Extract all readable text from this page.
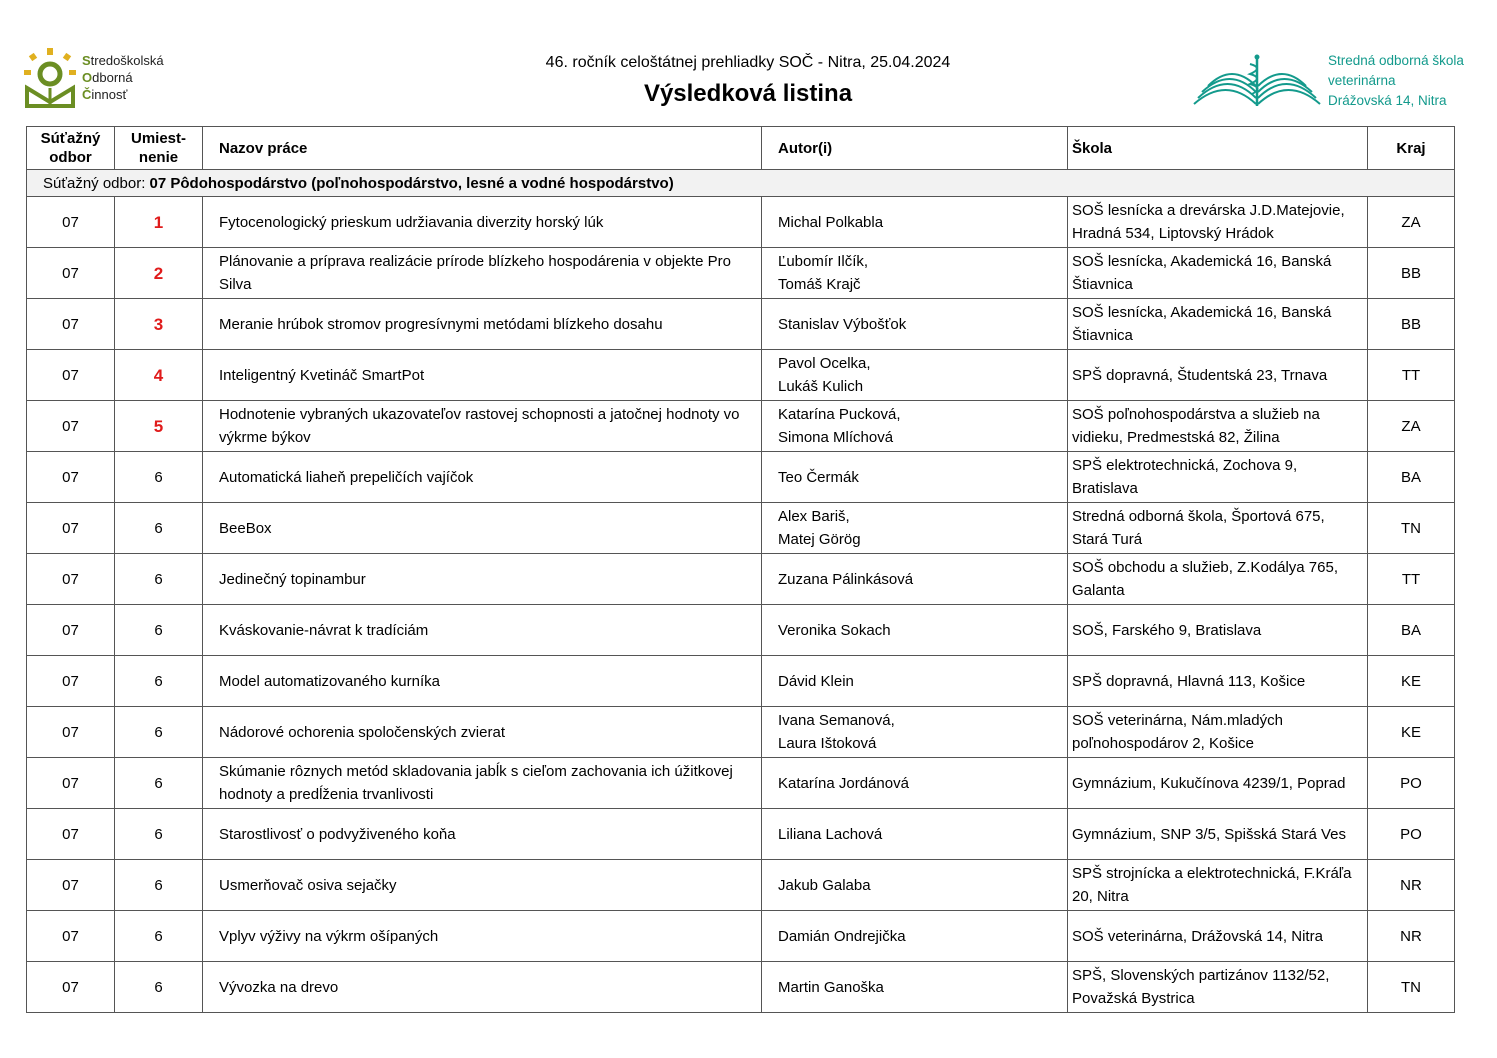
Stredoškolská
Odborná
Činnosť
46. ročník celoštátnej prehliadky SOČ - Nitra, 25.04.2024
Výsledková listina
Stredná odborná škola
veterinárna
Drážovská 14, Nitra
Súťažný odbor	Umiest- nenie	Nazov práce	Autor(i)	Škola	Kraj
Súťažný odbor: 07 Pôdohospodárstvo (poľnohospodárstvo, lesné a vodné hospodárstvo)					
07	1	Fytocenologický prieskum udržiavania diverzity horský lúk	Michal Polkabla	SOŠ lesnícka a drevárska J.D.Matejovie, Hradná 534, Liptovský Hrádok	ZA
07	2	Plánovanie a príprava realizácie prírode blízkeho hospodárenia v objekte Pro Silva	Ľubomír Ilčík,
Tomáš Krajč	SOŠ lesnícka, Akademická 16, Banská Štiavnica	BB
07	3	Meranie hrúbok stromov progresívnymi metódami blízkeho dosahu	Stanislav Výbošťok	SOŠ lesnícka, Akademická 16, Banská Štiavnica	BB
07	4	Inteligentný Kvetináč SmartPot	Pavol Ocelka,
Lukáš Kulich	SPŠ dopravná, Študentská 23, Trnava	TT
07	5	Hodnotenie vybraných ukazovateľov rastovej schopnosti a jatočnej hodnoty vo výkrme býkov	Katarína Pucková,
Simona Mlíchová	SOŠ poľnohospodárstva a služieb na vidieku, Predmestská 82, Žilina	ZA
07	6	Automatická liaheň prepeličích vajíčok	Teo Čermák	SPŠ elektrotechnická, Zochova 9, Bratislava	BA
07	6	BeeBox	Alex Bariš,
Matej Görög	Stredná odborná škola, Športová 675, Stará Turá	TN
07	6	Jedinečný topinambur	Zuzana Pálinkásová	SOŠ obchodu a služieb, Z.Kodálya 765, Galanta	TT
07	6	Kváskovanie-návrat k tradíciám	Veronika Sokach	SOŠ, Farského 9, Bratislava	BA
07	6	Model automatizovaného kurníka	Dávid Klein	SPŠ dopravná, Hlavná 113, Košice	KE
07	6	Nádorové ochorenia spoločenských zvierat	Ivana Semanová,
Laura Ištoková	SOŠ veterinárna, Nám.mladých poľnohospodárov 2, Košice	KE
07	6	Skúmanie rôznych metód skladovania jabĺk s cieľom zachovania ich úžitkovej hodnoty a predĺženia trvanlivosti	Katarína Jordánová	Gymnázium, Kukučínova 4239/1, Poprad	PO
07	6	Starostlivosť o podvyživeného koňa	Liliana Lachová	Gymnázium, SNP 3/5, Spišská Stará Ves	PO
07	6	Usmerňovač osiva sejačky	Jakub Galaba	SPŠ strojnícka a elektrotechnická, F.Kráľa 20, Nitra	NR
07	6	Vplyv výživy na výkrm ošípaných	Damián Ondrejička	SOŠ veterinárna, Drážovská 14, Nitra	NR
07	6	Vývozka na drevo	Martin Ganoška	SPŠ, Slovenských partizánov 1132/52, Považská Bystrica	TN
